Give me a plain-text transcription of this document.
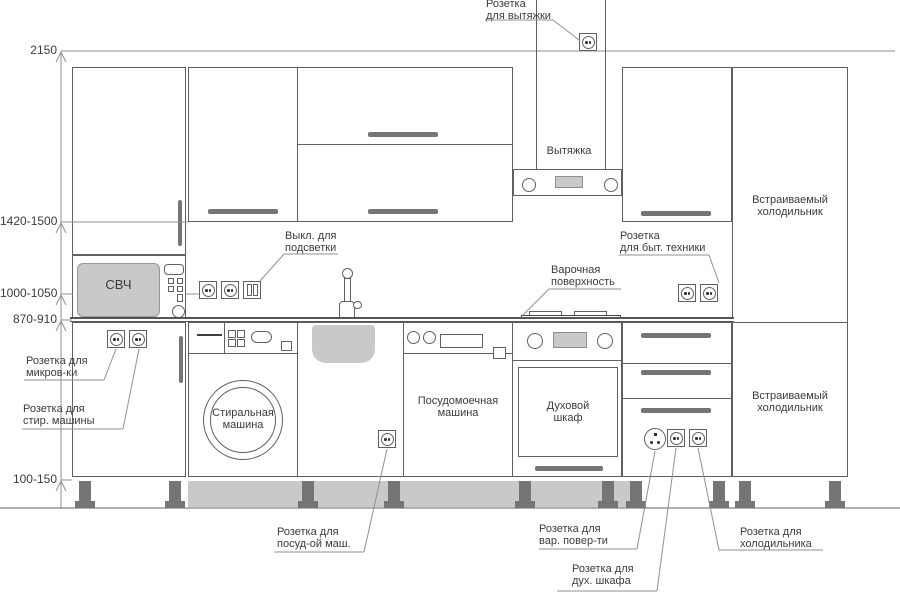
Вытяжка
Встраиваемый
холодильник
Встраиваемый
холодильник
СВЧ
Стиральная
машина
Посудомоечная
машина
Духовой
шкаф
2150
1420-1500
1000-1050
870-910
100-150
Розетка
для вытяжки
Выкл. для
подсветки
Розетка
для быт. техники
Варочная
поверхность
Розетка для
микров-ки
Розетка для
стир. машины
Розетка для
посуд-ой маш.
Розетка для
вар. повер-ти
Розетка для
дух. шкафа
Розетка для
холодильника
